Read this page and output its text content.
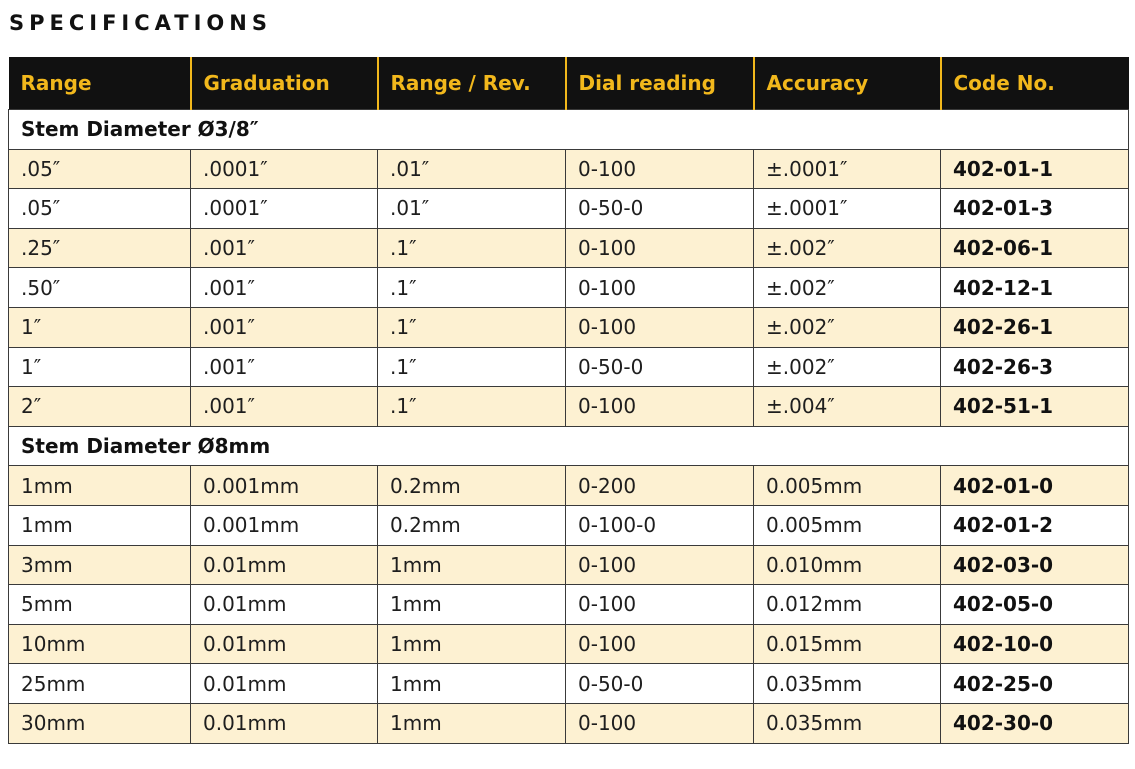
SPECIFICATIONS
Range	Graduation	Range / Rev.	Dial reading	Accuracy	Code No.
Stem Diameter Ø3/8″					
.05″	.0001″	.01″	0-100	±.0001″	402-01-1
.05″	.0001″	.01″	0-50-0	±.0001″	402-01-3
.25″	.001″	.1″	0-100	±.002″	402-06-1
.50″	.001″	.1″	0-100	±.002″	402-12-1
1″	.001″	.1″	0-100	±.002″	402-26-1
1″	.001″	.1″	0-50-0	±.002″	402-26-3
2″	.001″	.1″	0-100	±.004″	402-51-1
Stem Diameter Ø8mm					
1mm	0.001mm	0.2mm	0-200	0.005mm	402-01-0
1mm	0.001mm	0.2mm	0-100-0	0.005mm	402-01-2
3mm	0.01mm	1mm	0-100	0.010mm	402-03-0
5mm	0.01mm	1mm	0-100	0.012mm	402-05-0
10mm	0.01mm	1mm	0-100	0.015mm	402-10-0
25mm	0.01mm	1mm	0-50-0	0.035mm	402-25-0
30mm	0.01mm	1mm	0-100	0.035mm	402-30-0
